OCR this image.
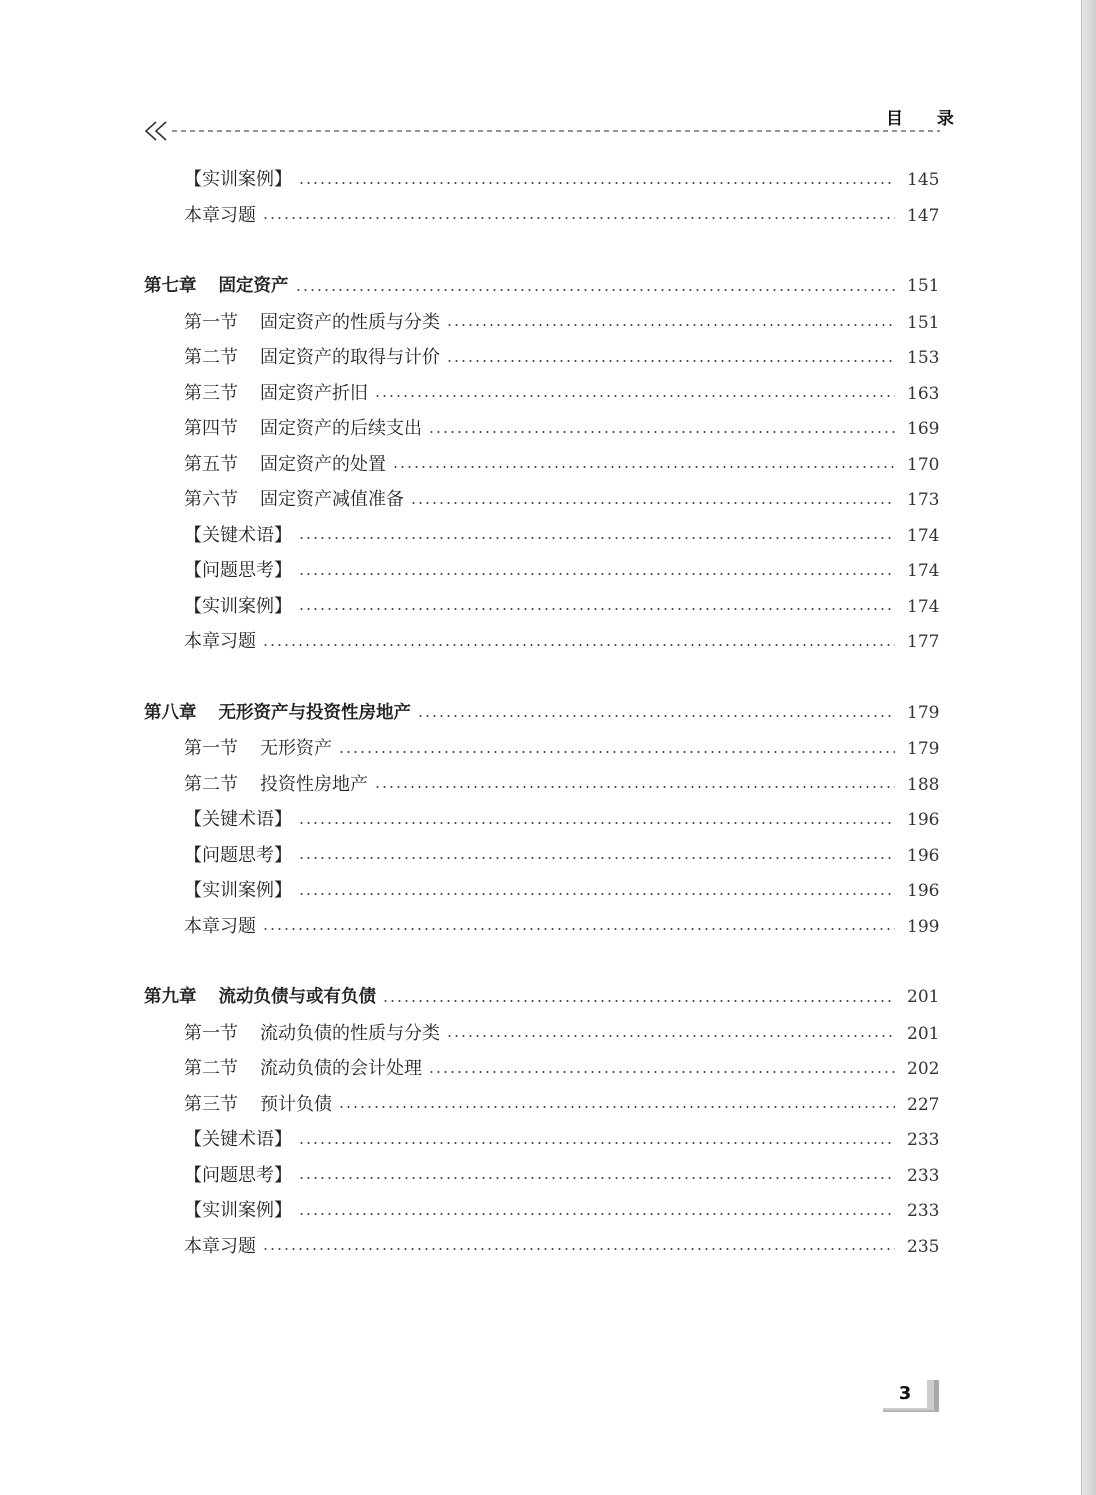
目 录
【实训案例】	145
本章习题	147
第七章 固定资产	151
第一节 固定资产的性质与分类	151
第二节 固定资产的取得与计价	153
第三节 固定资产折旧	163
第四节 固定资产的后续支出	169
第五节 固定资产的处置	170
第六节 固定资产减值准备	173
【关键术语】	174
【问题思考】	174
【实训案例】	174
本章习题	177
第八章 无形资产与投资性房地产	179
第一节 无形资产	179
第二节 投资性房地产	188
【关键术语】	196
【问题思考】	196
【实训案例】	196
本章习题	199
第九章 流动负债与或有负债	201
第一节 流动负债的性质与分类	201
第二节 流动负债的会计处理	202
第三节 预计负债	227
【关键术语】	233
【问题思考】	233
【实训案例】	233
本章习题	235
3
